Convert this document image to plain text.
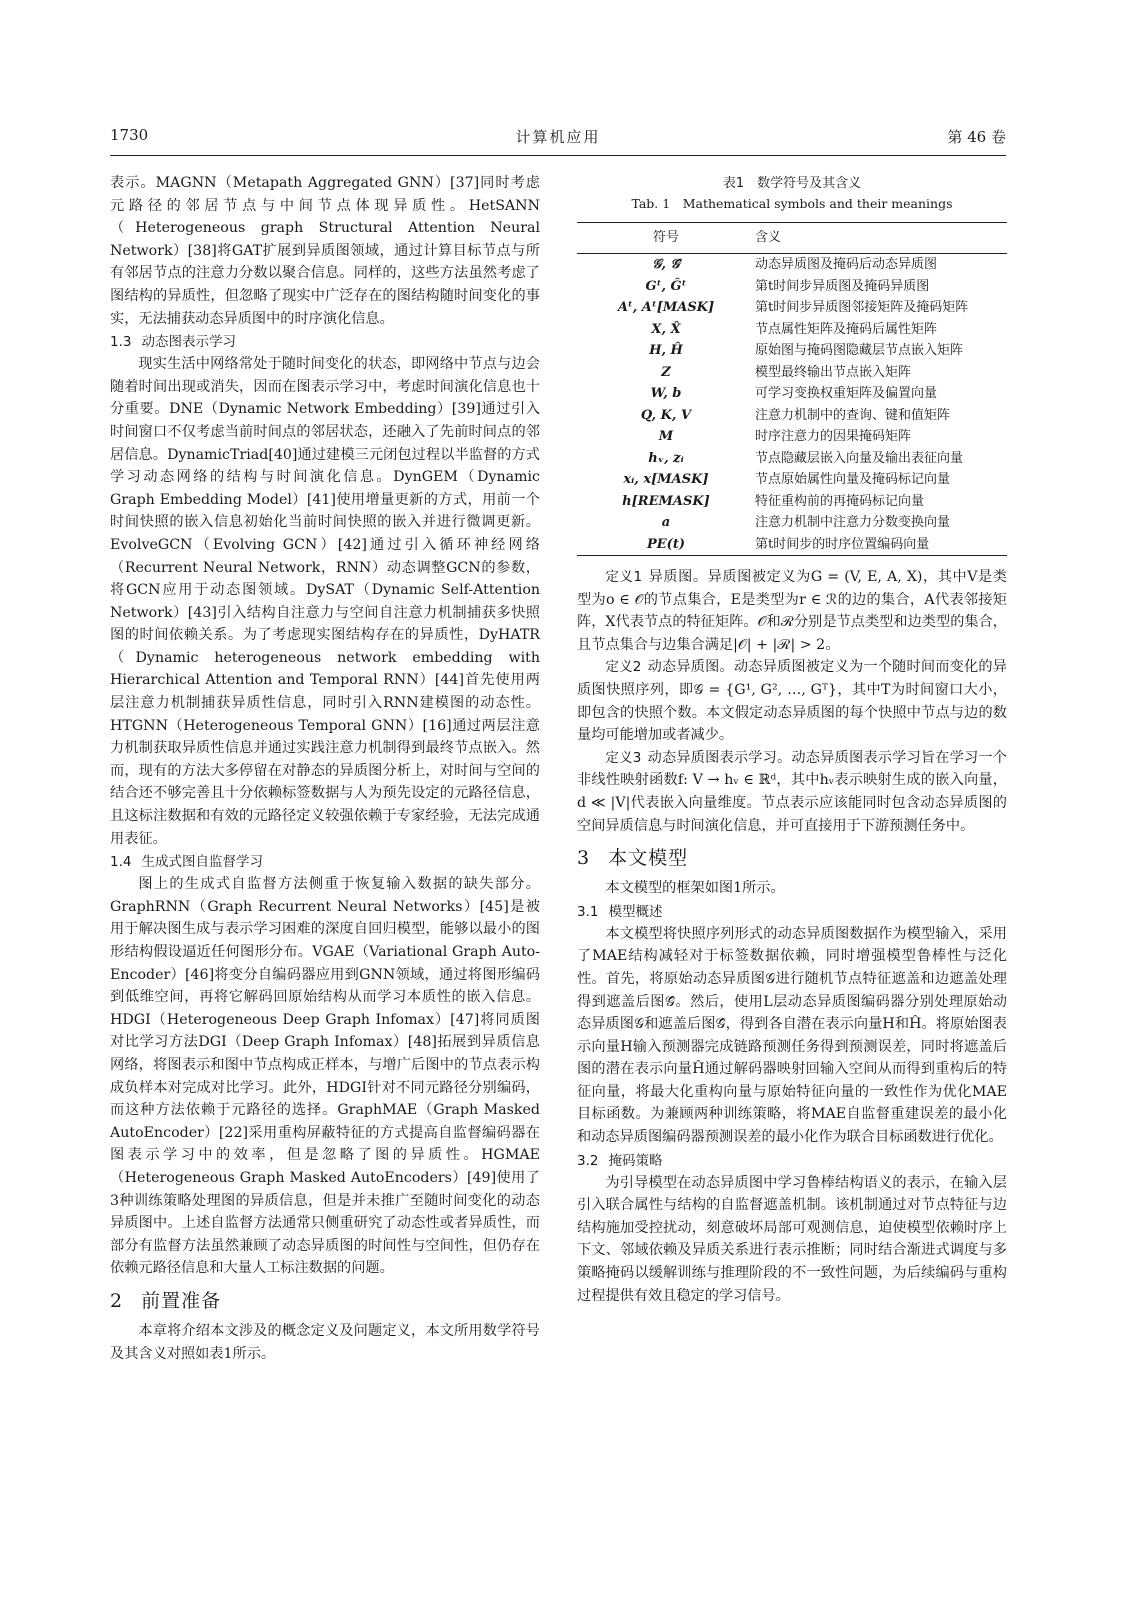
1730	计算机应用	第 46 卷

表示。MAGNN（Metapath Aggregated GNN）[37]同时考虑元路径的邻居节点与中间节点体现异质性。HetSANN（Heterogeneous graph Structural Attention Neural Network）[38]将GAT扩展到异质图领域，通过计算目标节点与所有邻居节点的注意力分数以聚合信息。同样的，这些方法虽然考虑了图结构的异质性，但忽略了现实中广泛存在的图结构随时间变化的事实，无法捕获动态异质图中的时序演化信息。

1.3 动态图表示学习

现实生活中网络常处于随时间变化的状态，即网络中节点与边会随着时间出现或消失，因而在图表示学习中，考虑时间演化信息也十分重要。DNE（Dynamic Network Embedding）[39]通过引入时间窗口不仅考虑当前时间点的邻居状态，还融入了先前时间点的邻居信息。DynamicTriad[40]通过建模三元闭包过程以半监督的方式学习动态网络的结构与时间演化信息。DynGEM（Dynamic Graph Embedding Model）[41]使用增量更新的方式，用前一个时间快照的嵌入信息初始化当前时间快照的嵌入并进行微调更新。EvolveGCN（Evolving GCN）[42]通过引入循环神经网络（Recurrent Neural Network，RNN）动态调整GCN的参数，将GCN应用于动态图领域。DySAT（Dynamic Self-Attention Network）[43]引入结构自注意力与空间自注意力机制捕获多快照图的时间依赖关系。为了考虑现实图结构存在的异质性，DyHATR（Dynamic heterogeneous network embedding with Hierarchical Attention and Temporal RNN）[44]首先使用两层注意力机制捕获异质性信息，同时引入RNN建模图的动态性。HTGNN（Heterogeneous Temporal GNN）[16]通过两层注意力机制获取异质性信息并通过实践注意力机制得到最终节点嵌入。然而，现有的方法大多停留在对静态的异质图分析上，对时间与空间的结合还不够完善且十分依赖标签数据与人为预先设定的元路径信息，且这标注数据和有效的元路径定义较强依赖于专家经验，无法完成通用表征。

1.4 生成式图自监督学习

图上的生成式自监督方法侧重于恢复输入数据的缺失部分。GraphRNN（Graph Recurrent Neural Networks）[45]是被用于解决图生成与表示学习困难的深度自回归模型，能够以最小的图形结构假设逼近任何图形分布。VGAE（Variational Graph Auto-Encoder）[46]将变分自编码器应用到GNN领域，通过将图形编码到低维空间，再将它解码回原始结构从而学习本质性的嵌入信息。HDGI（Heterogeneous Deep Graph Infomax）[47]将同质图对比学习方法DGI（Deep Graph Infomax）[48]拓展到异质信息网络，将图表示和图中节点构成正样本，与增广后图中的节点表示构成负样本对完成对比学习。此外，HDGI针对不同元路径分别编码，而这种方法依赖于元路径的选择。GraphMAE（Graph Masked AutoEncoder）[22]采用重构屏蔽特征的方式提高自监督编码器在图表示学习中的效率，但是忽略了图的异质性。HGMAE（Heterogeneous Graph Masked AutoEncoders）[49]使用了3种训练策略处理图的异质信息，但是并未推广至随时间变化的动态异质图中。上述自监督方法通常只侧重研究了动态性或者异质性，而部分有监督方法虽然兼顾了动态异质图的时间性与空间性，但仍存在依赖元路径信息和大量人工标注数据的问题。

2 前置准备

本章将介绍本文涉及的概念定义及问题定义，本文所用数学符号及其含义对照如表1所示。

表1　数学符号及其含义
Tab. 1　Mathematical symbols and their meanings
符号	含义
𝒢, 𝒢̂	动态异质图及掩码后动态异质图
Gᵗ, Ĝᵗ	第t时间步异质图及掩码异质图
Aᵗ, Aᵗ[MASK]	第t时间步异质图邻接矩阵及掩码矩阵
X, X̂	节点属性矩阵及掩码后属性矩阵
H, Ĥ	原始图与掩码图隐藏层节点嵌入矩阵
Z	模型最终输出节点嵌入矩阵
W, b	可学习变换权重矩阵及偏置向量
Q, K, V	注意力机制中的查询、键和值矩阵
M	时序注意力的因果掩码矩阵
hᵥ, zᵢ	节点隐藏层嵌入向量及输出表征向量
xᵢ, x[MASK]	节点原始属性向量及掩码标记向量
h[REMASK]	特征重构前的再掩码标记向量
a	注意力机制中注意力分数变换向量
PE(t)	第t时间步的时序位置编码向量

定义1 异质图。异质图被定义为G = (V, E, A, X)，其中V是类型为o ∈ 𝒪的节点集合，E是类型为r ∈ ℛ的边的集合，A代表邻接矩阵，X代表节点的特征矩阵。𝒪和ℛ分别是节点类型和边类型的集合，且节点集合与边集合满足|𝒪| + |ℛ| > 2。

定义2 动态异质图。动态异质图被定义为一个随时间而变化的异质图快照序列，即𝒢 = {G¹, G², …, Gᵀ}，其中T为时间窗口大小，即包含的快照个数。本文假定动态异质图的每个快照中节点与边的数量均可能增加或者减少。

定义3 动态异质图表示学习。动态异质图表示学习旨在学习一个非线性映射函数f: V → hᵥ ∈ ℝᵈ，其中hᵥ表示映射生成的嵌入向量，d ≪ |V|代表嵌入向量维度。节点表示应该能同时包含动态异质图的空间异质信息与时间演化信息，并可直接用于下游预测任务中。

3 本文模型

本文模型的框架如图1所示。

3.1 模型概述

本文模型将快照序列形式的动态异质图数据作为模型输入，采用了MAE结构减轻对于标签数据依赖，同时增强模型鲁棒性与泛化性。首先，将原始动态异质图𝒢进行随机节点特征遮盖和边遮盖处理得到遮盖后图𝒢̂。然后，使用L层动态异质图编码器分别处理原始动态异质图𝒢和遮盖后图𝒢̂，得到各自潜在表示向量H和Ĥ。将原始图表示向量H输入预测器完成链路预测任务得到预测误差，同时将遮盖后图的潜在表示向量Ĥ通过解码器映射回输入空间从而得到重构后的特征向量，将最大化重构向量与原始特征向量的一致性作为优化MAE目标函数。为兼顾两种训练策略，将MAE自监督重建误差的最小化和动态异质图编码器预测误差的最小化作为联合目标函数进行优化。

3.2 掩码策略

为引导模型在动态异质图中学习鲁棒结构语义的表示，在输入层引入联合属性与结构的自监督遮盖机制。该机制通过对节点特征与边结构施加受控扰动，刻意破坏局部可观测信息，迫使模型依赖时序上下文、邻域依赖及异质关系进行表示推断；同时结合渐进式调度与多策略掩码以缓解训练与推理阶段的不一致性问题，为后续编码与重构过程提供有效且稳定的学习信号。
